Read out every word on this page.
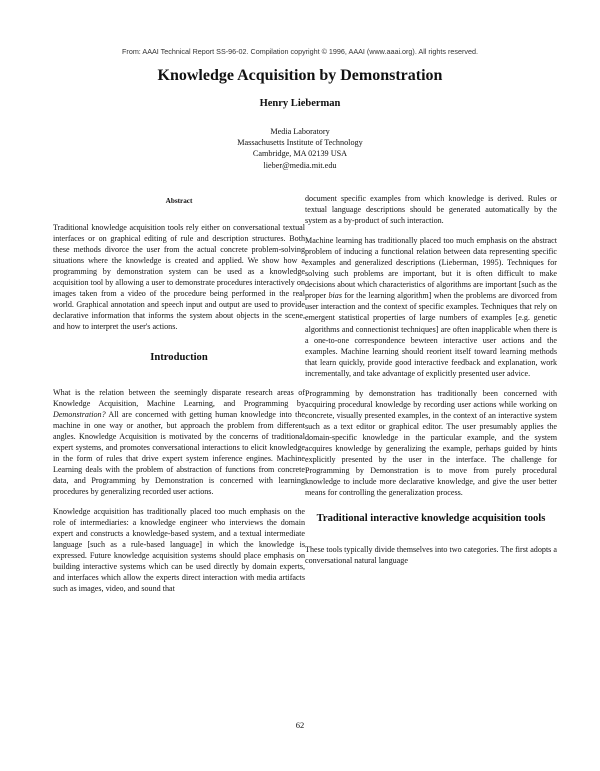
From: AAAI Technical Report SS-96-02. Compilation copyright © 1996, AAAI (www.aaai.org). All rights reserved.
Knowledge Acquisition by Demonstration
Henry Lieberman
Media Laboratory
Massachusetts Institute of Technology
Cambridge, MA 02139 USA
lieber@media.mit.edu
Abstract

Traditional knowledge acquisition tools rely either on conversational textual interfaces or on graphical editing of rule and description structures. Both these methods divorce the user from the actual concrete problem-solving situations where the knowledge is created and applied. We show how a programming by demonstration system can be used as a knowledge acquisition tool by allowing a user to demonstrate procedures interactively on images taken from a video of the procedure being performed in the real world. Graphical annotation and speech input and output are used to provide declarative information that informs the system about objects in the scene, and how to interpret the user's actions.

Introduction

What is the relation between the seemingly disparate research areas of Knowledge Acquisition, Machine Learning, and Programming by Demonstration? All are concerned with getting human knowledge into the machine in one way or another, but approach the problem from different angles. Knowledge Acquisition is motivated by the concerns of traditional expert systems, and promotes conversational interactions to elicit knowledge in the form of rules that drive expert system inference engines. Machine Learning deals with the problem of abstraction of functions from concrete data, and Programming by Demonstration is concerned with learning procedures by generalizing recorded user actions.

Knowledge acquisition has traditionally placed too much emphasis on the role of intermediaries: a knowledge engineer who interviews the domain expert and constructs a knowledge-based system, and a textual intermediate language [such as a rule-based language] in which the knowledge is expressed. Future knowledge acquisition systems should place emphasis on building interactive systems which can be used directly by domain experts, and interfaces which allow the experts direct interaction with media artifacts such as images, video, and sound that

document specific examples from which knowledge is derived. Rules or textual language descriptions should be generated automatically by the system as a by-product of such interaction.

Machine learning has traditionally placed too much emphasis on the abstract problem of inducing a functional relation between data representing specific examples and generalized descriptions (Lieberman, 1995). Techniques for solving such problems are important, but it is often difficult to make decisions about which characteristics of algorithms are important [such as the proper bias for the learning algorithm] when the problems are divorced from user interaction and the context of specific examples. Techniques that rely on emergent statistical properties of large numbers of examples [e.g. genetic algorithms and connectionist techniques] are often inapplicable when there is a one-to-one correspondence bewteen interactive user actions and the examples. Machine learning should reorient itself toward learning methods that learn quickly, provide good interactive feedback and explanation, work incrementally, and take advantage of explicitly presented user advice.

Programming by demonstration has traditionally been concerned with acquiring procedural knowledge by recording user actions while working on concrete, visually presented examples, in the context of an interactive system such as a text editor or graphical editor. The user presumably applies the domain-specific knowledge in the particular example, and the system acquires knowledge by generalizing the example, perhaps guided by hints explicitly presented by the user in the interface. The challenge for Programming by Demonstration is to move from purely procedural knowledge to include more declarative knowledge, and give the user better means for controlling the generalization process.

Traditional interactive knowledge acquisition tools

These tools typically divide themselves into two categories. The first adopts a conversational natural language

62
